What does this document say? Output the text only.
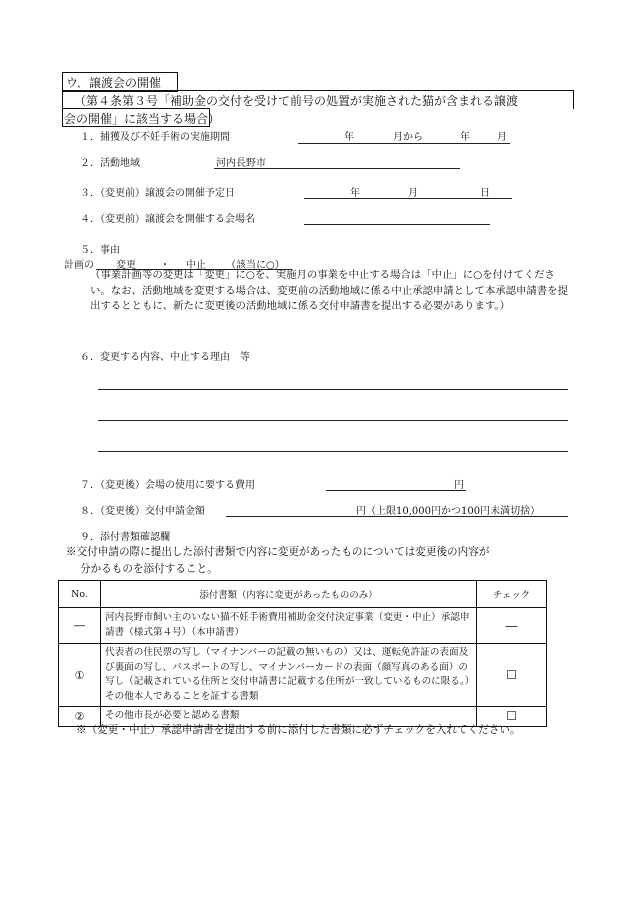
ウ．譲渡会の開催
（第４条第３号「補助金の交付を受けて前号の処置が実施された猫が含まれる譲渡
会の開催」に該当する場合）
１．捕獲及び不妊手術の実施期間	年	月から	年	月
２．活動地域	河内長野市
３．（変更前）譲渡会の開催予定日	年	月	日
４．（変更前）譲渡会を開催する会場名
５．事由
計画の 変更 ・ 中止 （該当に○）
（事業計画等の変更は「変更」に○を、実施月の事業を中止する場合は「中止」に○を付けてください。なお、活動地域を変更する場合は、変更前の活動地域に係る中止承認申請として本承認申請書を提出するとともに、新たに変更後の活動地域に係る交付申請書を提出する必要があります。）
６．変更する内容、中止する理由　等
７．（変更後）会場の使用に要する費用	円
８．（変更後）交付申請金額	円（上限10,000円かつ100円未満切捨）
９．添付書類確認欄
※交付申請の際に提出した添付書類で内容に変更があったものについては変更後の内容が
分かるものを添付すること。
No.	添付書類（内容に変更があったもののみ）	チェック
―	河内長野市飼い主のいない猫不妊手術費用補助金交付決定事業（変更・中止）承認申請書（様式第４号）（本申請書）	―
①	代表者の住民票の写し（マイナンバーの記載の無いもの）又は、運転免許証の表面及び裏面の写し、パスポートの写し、マイナンバーカードの表面（顔写真のある面）の写し（記載されている住所と交付申請書に記載する住所が一致しているものに限る。）その他本人であることを証する書類	☐
②	その他市長が必要と認める書類	☐
※（変更・中止）承認申請書を提出する前に添付した書類に必ずチェックを入れてください。
